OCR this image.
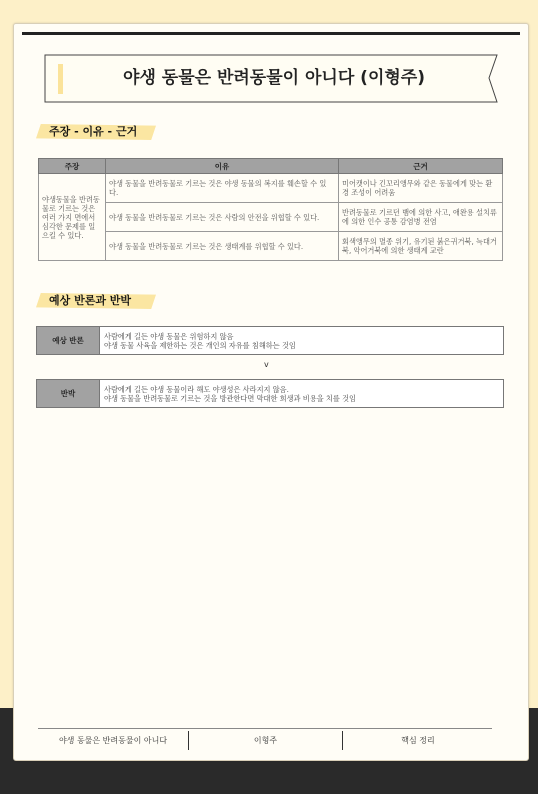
야생 동물은 반려동물이 아니다 (이형주)
주장 - 이유 - 근거
주장	이유	근거
야생동물을 반려동물로 기르는 것은 여러 가지 면에서 심각한 문제를 일으킬 수 있다.	야생 동물을 반려동물로 기르는 것은 야생 동물의 복지를 훼손할 수 있다.	미어캣이나 긴꼬리앵무와 같은 동물에게 맞는 환경 조성이 어려움
	야생 동물을 반려동물로 기르는 것은 사람의 안전을 위협할 수 있다.	반려동물로 기르던 뱀에 의한 사고, 애완용 설치류에 의한 인수 공통 감염병 전염
	야생 동물을 반려동물로 기르는 것은 생태계를 위협할 수 있다.	회색앵무의 멸종 위기, 유기된 붉은귀거북, 늑대거북, 악어거북에 의한 생태계 교란
예상 반론과 반박
예상 반론	사람에게 길든 야생 동물은 위험하지 않음
야생 동물 사육을 제한하는 것은 개인의 자유를 침해하는 것임
v
반박	사람에게 길든 야생 동물이라 해도 야생성은 사라지지 않음.
야생 동물을 반려동물로 기르는 것을 방관한다면 막대한 희생과 비용을 치를 것임
야생 동물은 반려동물이 아니다	이형주	핵심 정리
